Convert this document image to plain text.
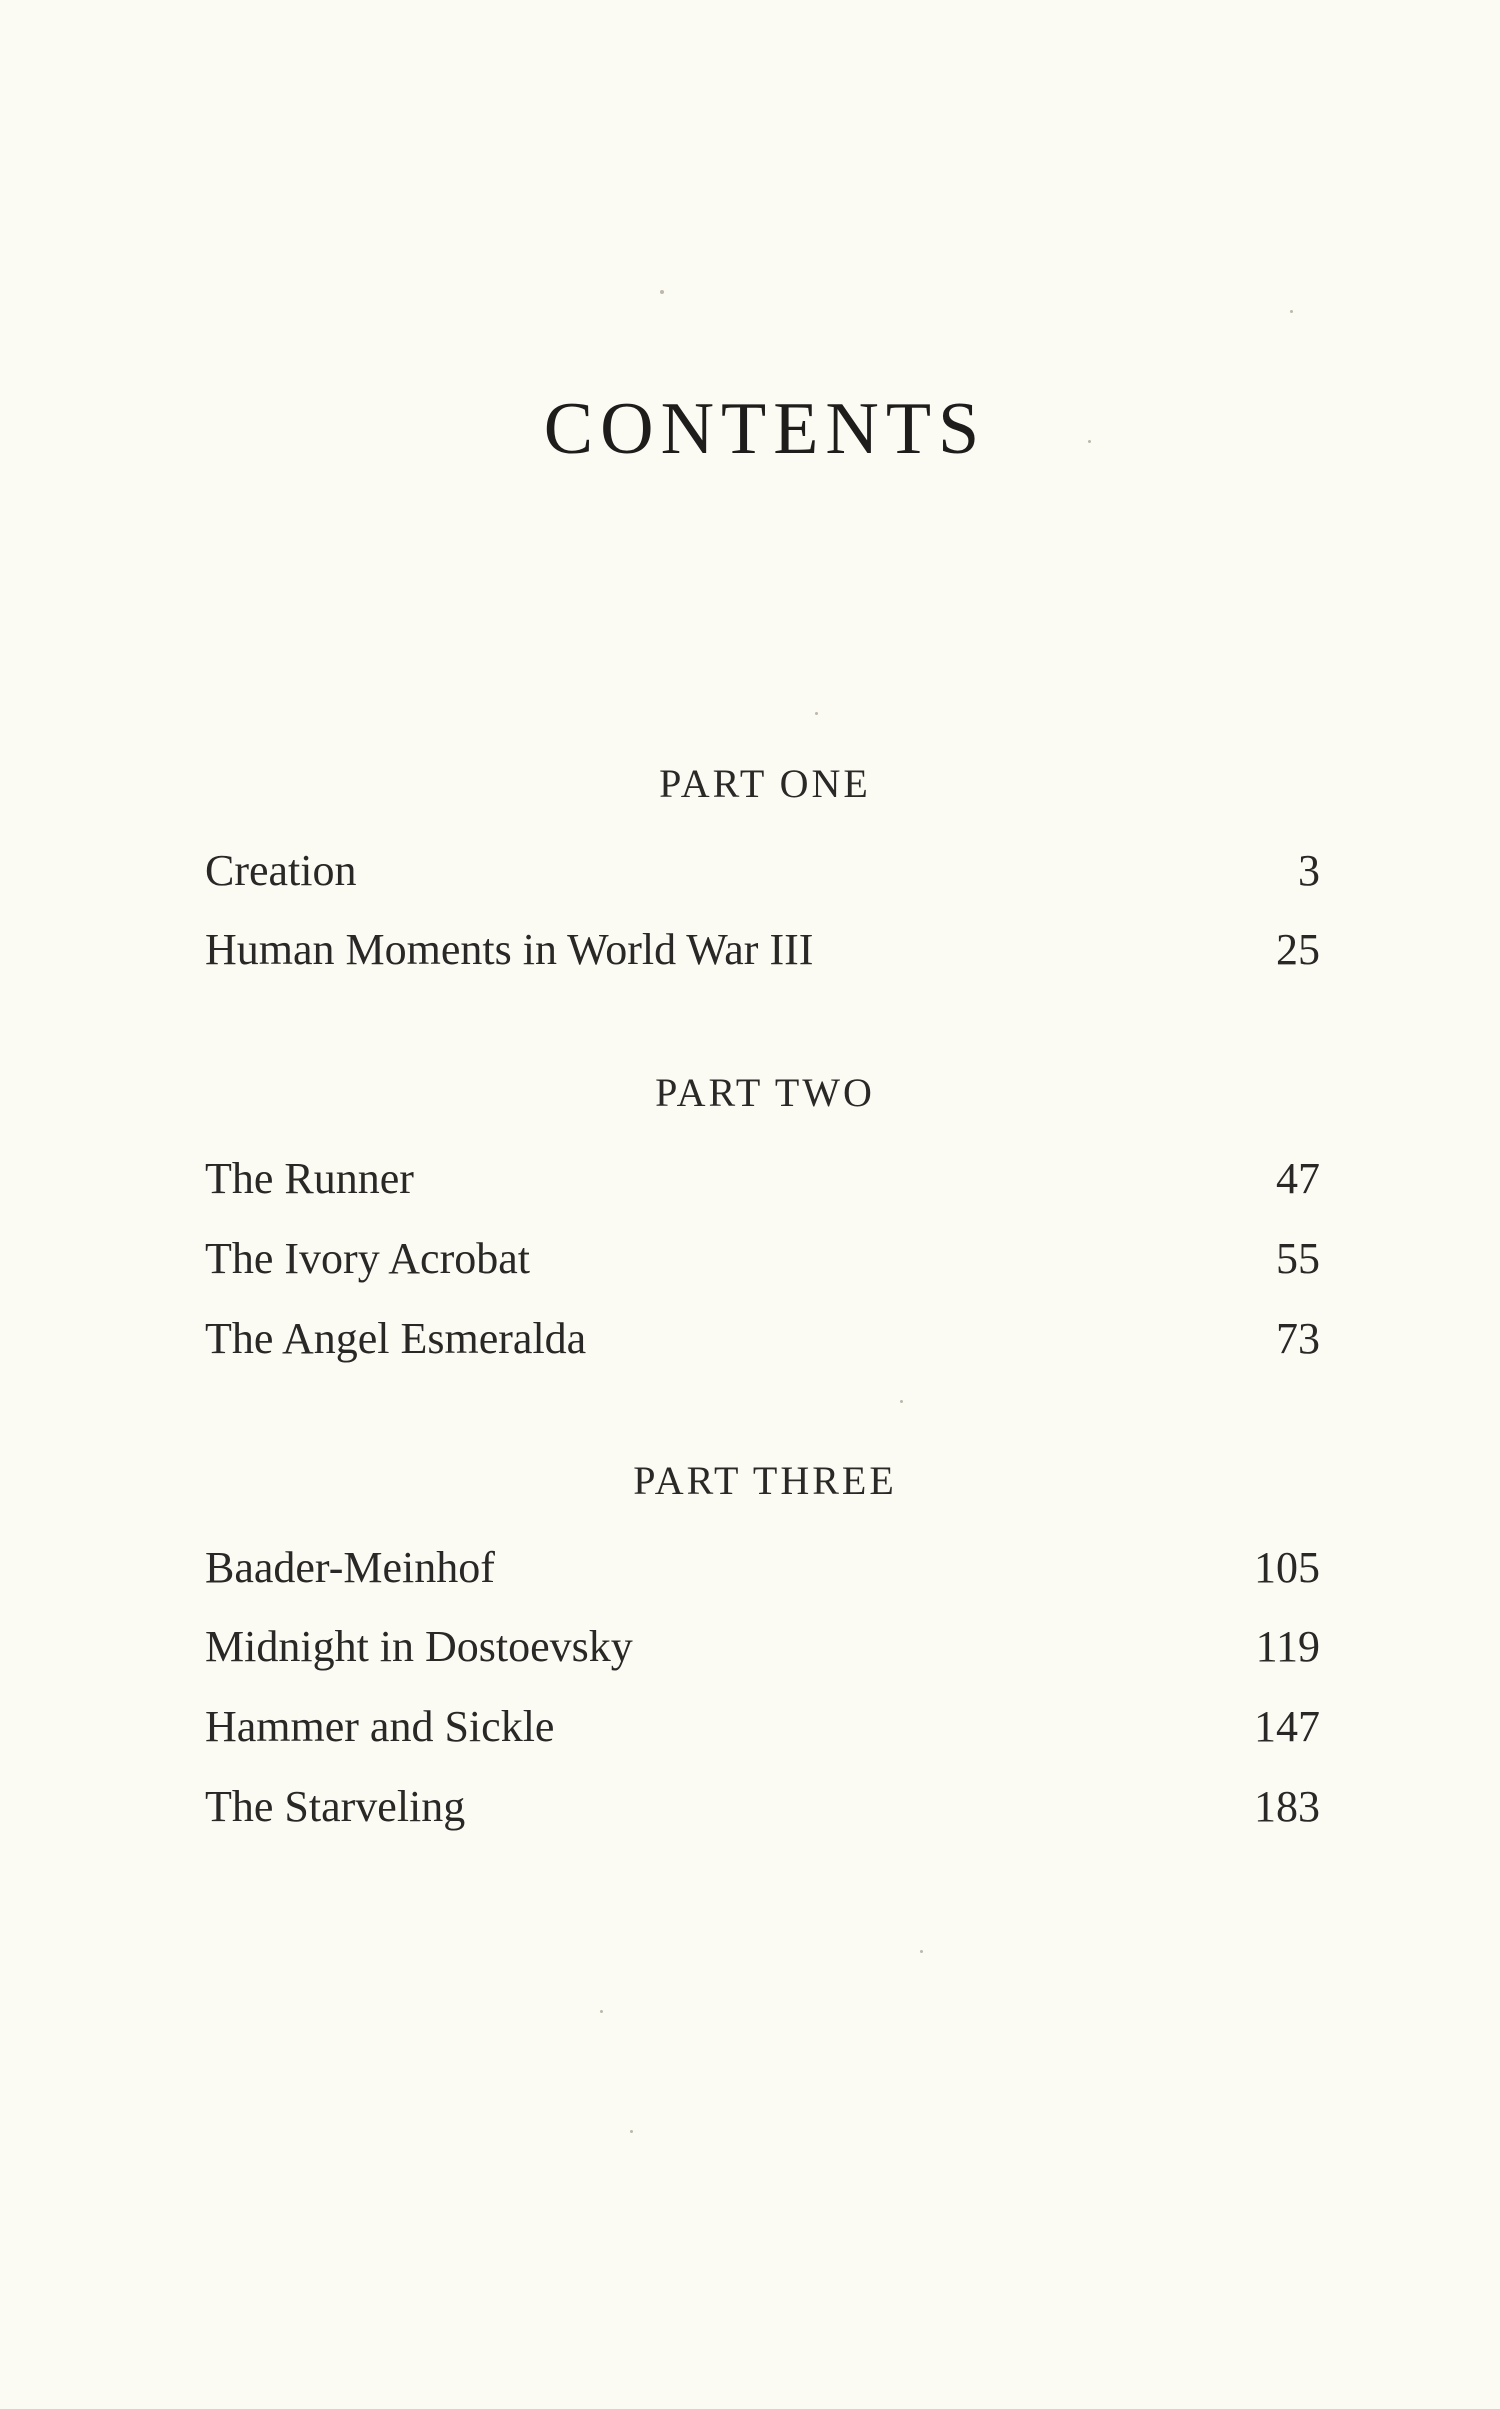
CONTENTS
PART ONE
Creation	3
Human Moments in World War III	25
PART TWO
The Runner	47
The Ivory Acrobat	55
The Angel Esmeralda	73
PART THREE
Baader-Meinhof	105
Midnight in Dostoevsky	119
Hammer and Sickle	147
The Starveling	183
